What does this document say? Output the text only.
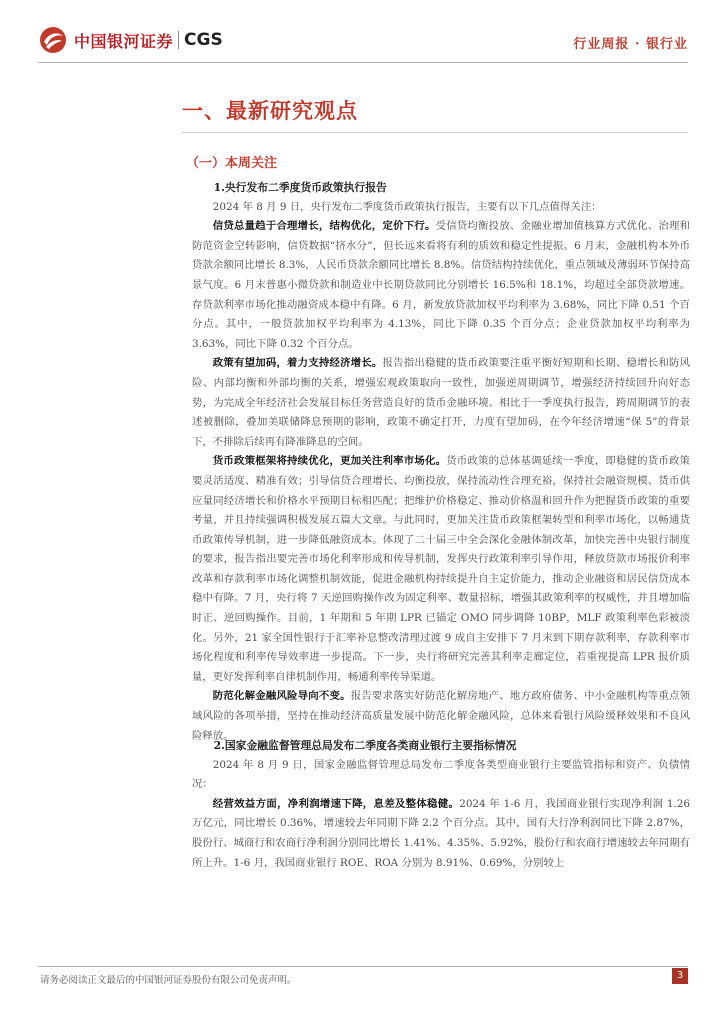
中国银河证券 CGS	行业周报 · 银行业
一、最新研究观点
（一）本周关注

1.央行发布二季度货币政策执行报告

2024 年 8 月 9 日，央行发布二季度货币政策执行报告，主要有以下几点值得关注：

信贷总量趋于合理增长，结构优化，定价下行。受信贷均衡投放、金融业增加值核算方式优化、治理和防范资金空转影响，信贷数据“挤水分”，但长远来看将有利的质效和稳定性提振。6 月末，金融机构本外币贷款余额同比增长 8.3%，人民币贷款余额同比增长 8.8%。信贷结构持续优化，重点领域及薄弱环节保持高景气度。6 月末普惠小微贷款和制造业中长期贷款同比分别增长 16.5%和 18.1%，均超过全部贷款增速。存贷款利率市场化推动融资成本稳中有降。6 月，新发放贷款加权平均利率为 3.68%，同比下降 0.51 个百分点。其中，一般贷款加权平均利率为 4.13%，同比下降 0.35 个百分点；企业贷款加权平均利率为 3.63%，同比下降 0.32 个百分点。

政策有望加码，着力支持经济增长。报告指出稳健的货币政策要注重平衡好短期和长期、稳增长和防风险、内部均衡和外部均衡的关系，增强宏观政策取向一致性，加强逆周期调节，增强经济持续回升向好态势，为完成全年经济社会发展目标任务营造良好的货币金融环境。相比于一季度执行报告，跨周期调节的表述被删除，叠加美联储降息预期的影响，政策不确定打开，力度有望加码，在今年经济增速“保 5”的背景下，不排除后续再有降准降息的空间。

货币政策框架将持续优化，更加关注利率市场化。货币政策的总体基调延续一季度，即稳健的货币政策要灵活适度、精准有效；引导信贷合理增长、均衡投放，保持流动性合理充裕，保持社会融资规模、货币供应量同经济增长和价格水平预期目标相匹配；把维护价格稳定、推动价格温和回升作为把握货币政策的重要考量，并且持续强调积极发展五篇大文章。与此同时，更加关注货币政策框架转型和利率市场化，以畅通货币政策传导机制，进一步降低融资成本。体现了二十届三中全会深化金融体制改革，加快完善中央银行制度的要求，报告指出要完善市场化利率形成和传导机制，发挥央行政策利率引导作用，释放贷款市场报价利率改革和存款利率市场化调整机制效能，促进金融机构持续提升自主定价能力，推动企业融资和居民信贷成本稳中有降。7 月，央行将 7 天逆回购操作改为固定利率、数量招标，增强其政策利率的权威性，并且增加临时正、逆回购操作。目前，1 年期和 5 年期 LPR 已锚定 OMO 同步调降 10BP，MLF 政策利率色彩被淡化。另外，21 家全国性银行于汇率补息整改清理过渡 9 成自主安排下 7 月末到下期存款利率，存款利率市场化程度和利率传导效率进一步提高。下一步，央行将研究完善其利率走廊定位，若重视提高 LPR 报价质量，更好发挥利率自律机制作用，畅通利率传导渠道。

防范化解金融风险导向不变。报告要求落实好防范化解房地产、地方政府债务、中小金融机构等重点领域风险的各项举措，坚持在推动经济高质量发展中防范化解金融风险，总体来看银行风险缓释效果和不良风险释放。

2.国家金融监督管理总局发布二季度各类商业银行主要指标情况

2024 年 8 月 9 日，国家金融监督管理总局发布二季度各类型商业银行主要监管指标和资产、负债情况：

经营效益方面，净利润增速下降，息差及整体稳健。2024 年 1-6 月，我国商业银行实现净利润 1.26 万亿元，同比增长 0.36%，增速较去年同期下降 2.2 个百分点。其中，国有大行净利润同比下降 2.87%，股份行、城商行和农商行净利润分别同比增长 1.41%、4.35%、5.92%，股份行和农商行增速较去年同期有所上升。1-6 月，我国商业银行 ROE、ROA 分别为 8.91%、0.69%，分别较上

请务必阅读正文最后的中国银河证券股份有限公司免责声明。	3
